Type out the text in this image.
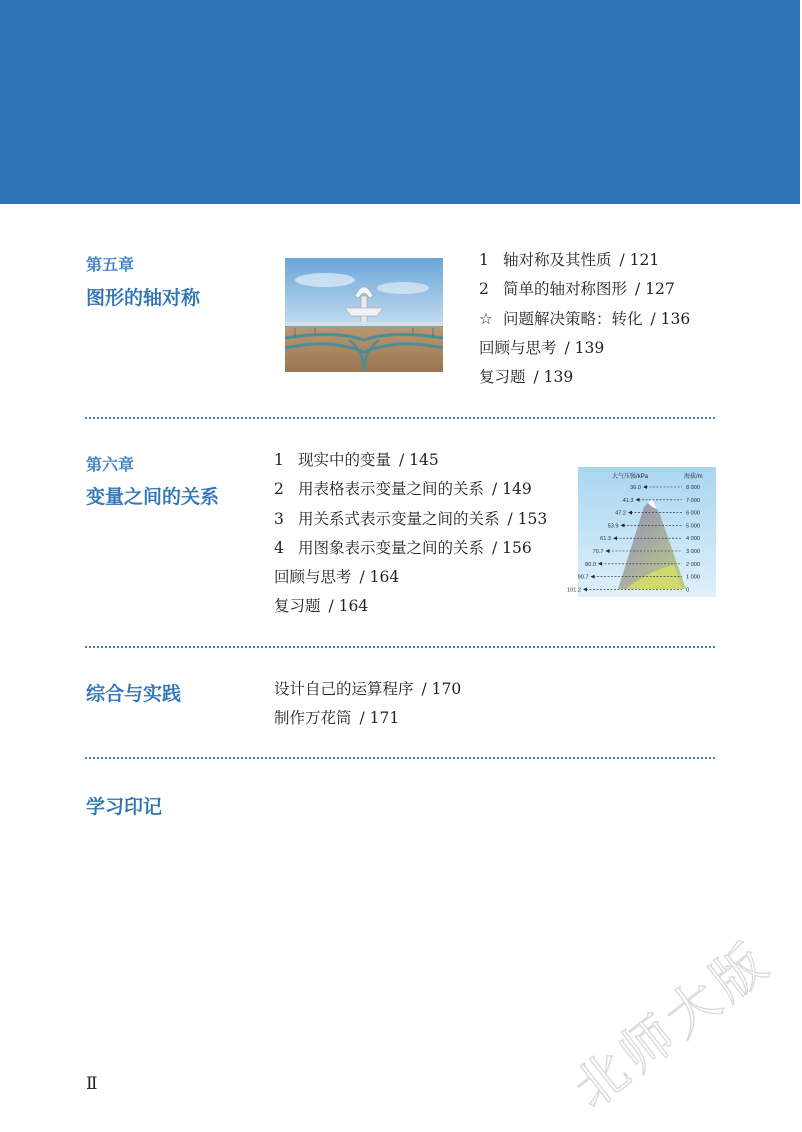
第五章
图形的轴对称
1 轴对称及其性质 / 121
2 简单的轴对称图形 / 127
☆ 问题解决策略：转化 / 136
回顾与思考 / 139
复习题 / 139
第六章
变量之间的关系
1 现实中的变量 / 145
2 用表格表示变量之间的关系 / 149
3 用关系式表示变量之间的关系 / 153
4 用图象表示变量之间的关系 / 156
回顾与思考 / 164
复习题 / 164
大气压强/kPa	海拔/m
36.0	8 000
41.3	7 000
47.2	6 000
53.9	5 000
61.3	4 000
70.7	3 000
80.0	2 000
90.7	1 000
101.2	0
综合与实践	设计自己的运算程序 / 170
制作万花筒 / 171
学习印记
Ⅱ	北师大版
